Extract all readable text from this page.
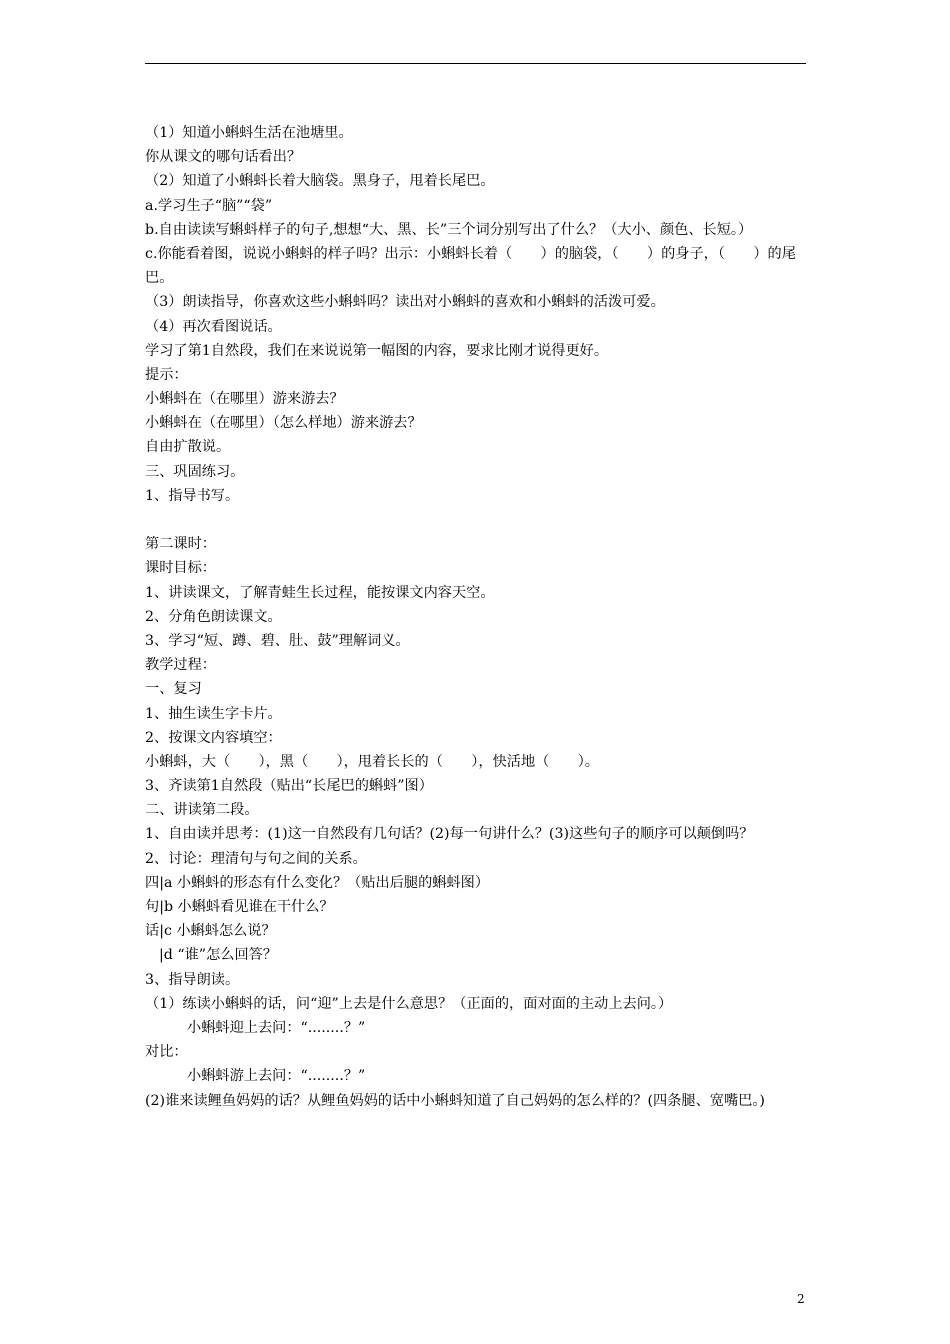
（1）知道小蝌蚪生活在池塘里。
你从课文的哪句话看出？
（2）知道了小蝌蚪长着大脑袋。黑身子，甩着长尾巴。
a.学习生子“脑”“袋”
b.自由读读写蝌蚪样子的句子,想想“大、黑、长”三个词分别写出了什么？（大小、颜色、长短。）
c.你能看着图，说说小蝌蚪的样子吗？出示：小蝌蚪长着（　　）的脑袋，（　　）的身子，（　　）的尾巴。
（3）朗读指导，你喜欢这些小蝌蚪吗？读出对小蝌蚪的喜欢和小蝌蚪的活泼可爱。
（4）再次看图说话。
学习了第1自然段，我们在来说说第一幅图的内容，要求比刚才说得更好。
提示：
小蝌蚪在（在哪里）游来游去？
小蝌蚪在（在哪里）（怎么样地）游来游去？
自由扩散说。
三、巩固练习。
1、指导书写。
第二课时：
课时目标：
1、讲读课文，了解青蛙生长过程，能按课文内容天空。
2、分角色朗读课文。
3、学习“短、蹲、碧、肚、鼓”理解词义。
教学过程：
一、复习
1、抽生读生字卡片。
2、按课文内容填空：
小蝌蚪，大（　　），黑（　　），甩着长长的（　　），快活地（　　）。
3、齐读第1自然段（贴出“长尾巴的蝌蚪”图）
二、讲读第二段。
1、自由读并思考：(1)这一自然段有几句话？(2)每一句讲什么？(3)这些句子的顺序可以颠倒吗？
2、讨论：理清句与句之间的关系。
四|a 小蝌蚪的形态有什么变化？（贴出后腿的蝌蚪图）
句|b 小蝌蚪看见谁在干什么？
话|c 小蝌蚪怎么说？
|d “谁”怎么回答？
3、指导朗读。
（1）练读小蝌蚪的话，问“迎”上去是什么意思？（正面的，面对面的主动上去问。）
小蝌蚪迎上去问：“........？”
对比：
小蝌蚪游上去问：“........？”
(2)谁来读鲤鱼妈妈的话？从鲤鱼妈妈的话中小蝌蚪知道了自己妈妈的怎么样的？(四条腿、宽嘴巴。)
2
